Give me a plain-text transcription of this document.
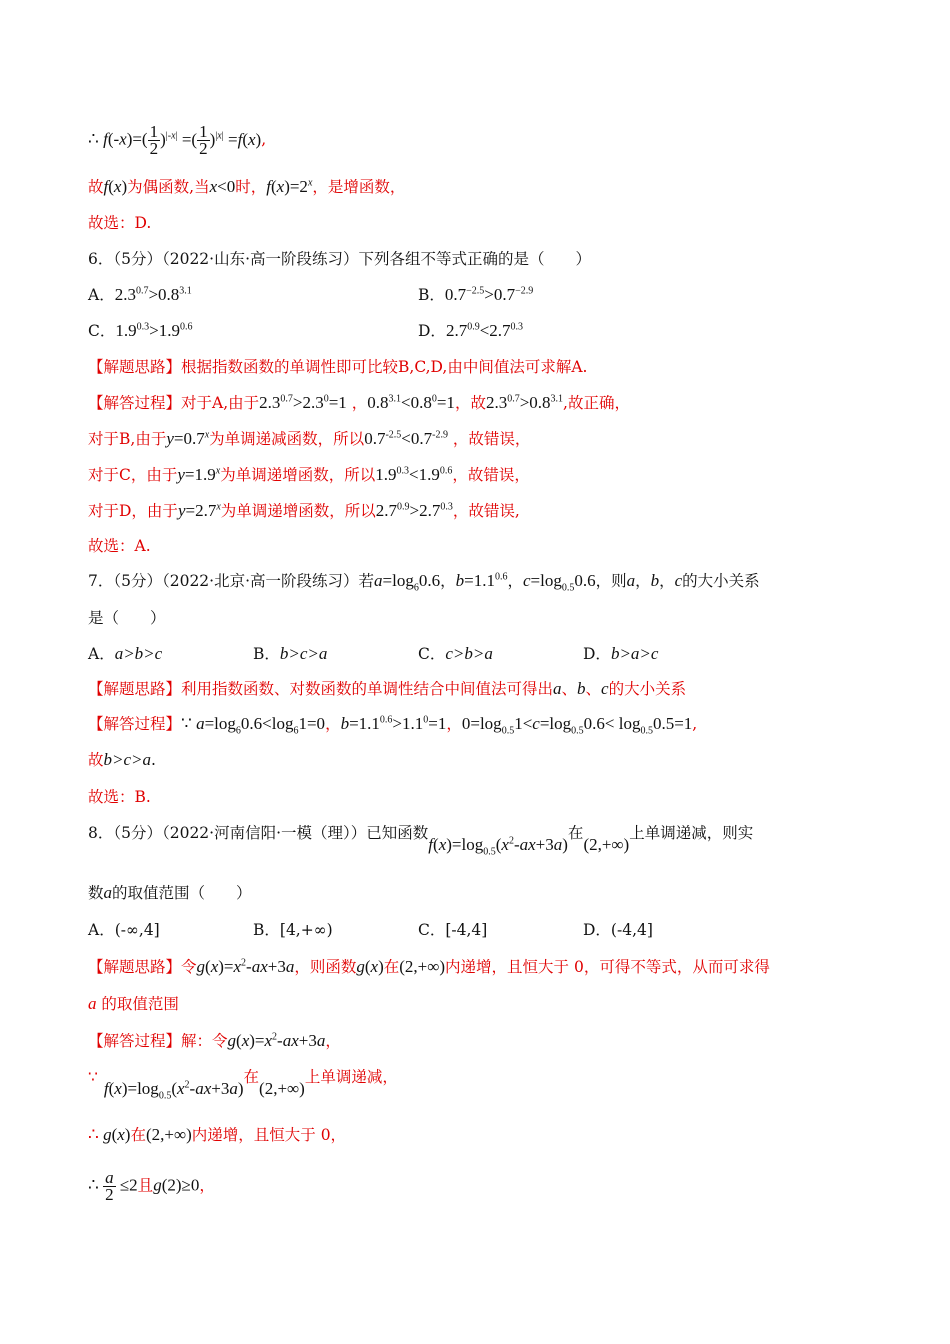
∴ $f(-x)=( \frac{1}{2} )^{|-x|}$ =( $\frac{1}{2} )^{|x|} =f(x)$,
故f(x)为偶函数,当x<0时，$f(x)=2^x$，是增函数，
故选：D.
6．（5分）（2022·山东·高一阶段练习）下列各组不等式正确的是（　　）
A．$2.3^{0.7}>0.8^{3.1}$	B．$0.7^{-2.5}>0.7^{-2.9}$
C．$1.9^{0.3}>1.9^{0.6}$	D．$2.7^{0.9}<2.7^{0.3}$
【解题思路】根据指数函数的单调性即可比较B,C,D,由中间值法可求解A.
【解答过程】对于A,由于$2.3^{0.7}>2.3^0=1$ ，$0.8^{3.1}<0.8^0=1$，故$2.3^{0.7}>0.8^{3.1}$,故正确，
对于B,由于$y=0.7^x$为单调递减函数，所以$0.7^{-2.5}<0.7^{-2.9}$ ，故错误，
对于C，由于$y=1.9^x$为单调递增函数，所以$1.9^{0.3}<1.9^{0.6}$，故错误，
对于D，由于$y=2.7^x$为单调递增函数，所以$2.7^{0.9}>2.7^{0.3}$，故错误,
故选：A.
7．（5分）（2022·北京·高一阶段练习）若$a=\log_60.6$，$b=1.1^{0.6}$，$c=\log_{0.5}0.6$，则a，b，c的大小关系
是（　　）
A．a>b>c	B．b>c>a	C．c>b>a	D．b>a>c
【解题思路】利用指数函数、对数函数的单调性结合中间值法可得出a、b、c的大小关系
【解答过程】∵ $a=\log_60.6<\log_61=0$，$b=1.1^{0.6}>1.1^0=1$，$0=\log_{0.5}1<c=\log_{0.5}0.6< \log_{0.5}0.5=1$,
故b>c>a.
故选：B.
8．（5分）（2022·河南信阳·一模（理））已知函数$f(x)=\log_{0.5}(x^2-ax+3a)$在(2,+∞)上单调递减，则实
数a的取值范围（　　）
A．(-∞,4]	B．[4,+∞)	C．[-4,4]	D．(-4,4]
【解题思路】令$g(x)=x^2-ax+3a$，则函数g(x)在(2,+∞)内递增，且恒大于 0，可得不等式，从而可求得
a 的取值范围
【解答过程】解：令$g(x)=x^2-ax+3a$，
$\because f(x)=\log_{0.5}(x^2-ax+3a)$在(2,+∞)上单调递减，
∴ g(x)在(2,+∞)内递增，且恒大于 0，
∴ $\frac{a}{2} \le 2$且g(2)≥0，
